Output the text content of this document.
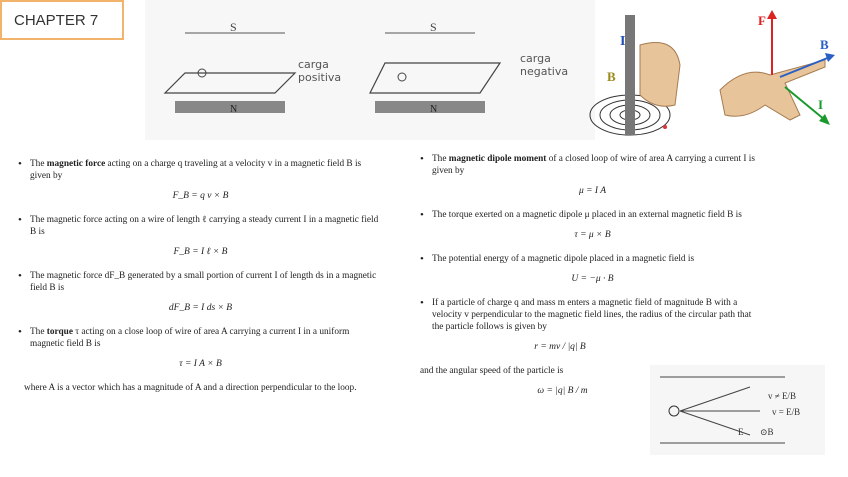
S
N
carga
positiva
S
N
carga
negativa
I
B
F
B
I
CHAPTER 7

• The magnetic force acting on a charge q traveling at a velocity v in a magnetic field B is given by

F_B = q v × B

• The magnetic force acting on a wire of length ℓ carrying a steady current I in a magnetic field B is

F_B = I ℓ × B

• The magnetic force dF_B generated by a small portion of current I of length ds in a magnetic field B is

dF_B = I ds × B

• The torque τ acting on a close loop of wire of area A carrying a current I in a uniform magnetic field B is

τ = I A × B

where A is a vector which has a magnitude of A and a direction perpendicular to the loop.

• The magnetic dipole moment of a closed loop of wire of area A carrying a current I is given by

μ = I A

• The torque exerted on a magnetic dipole μ placed in an external magnetic field B is

τ = μ × B

• The potential energy of a magnetic dipole placed in a magnetic field is

U = −μ · B

• If a particle of charge q and mass m enters a magnetic field of magnitude B with a velocity v perpendicular to the magnetic field lines, the radius of the circular path that the particle follows is given by

r = mv / |q| B

and the angular speed of the particle is

ω = |q| B / m	v ≠ E/B
v = E/B
E ⊙B
